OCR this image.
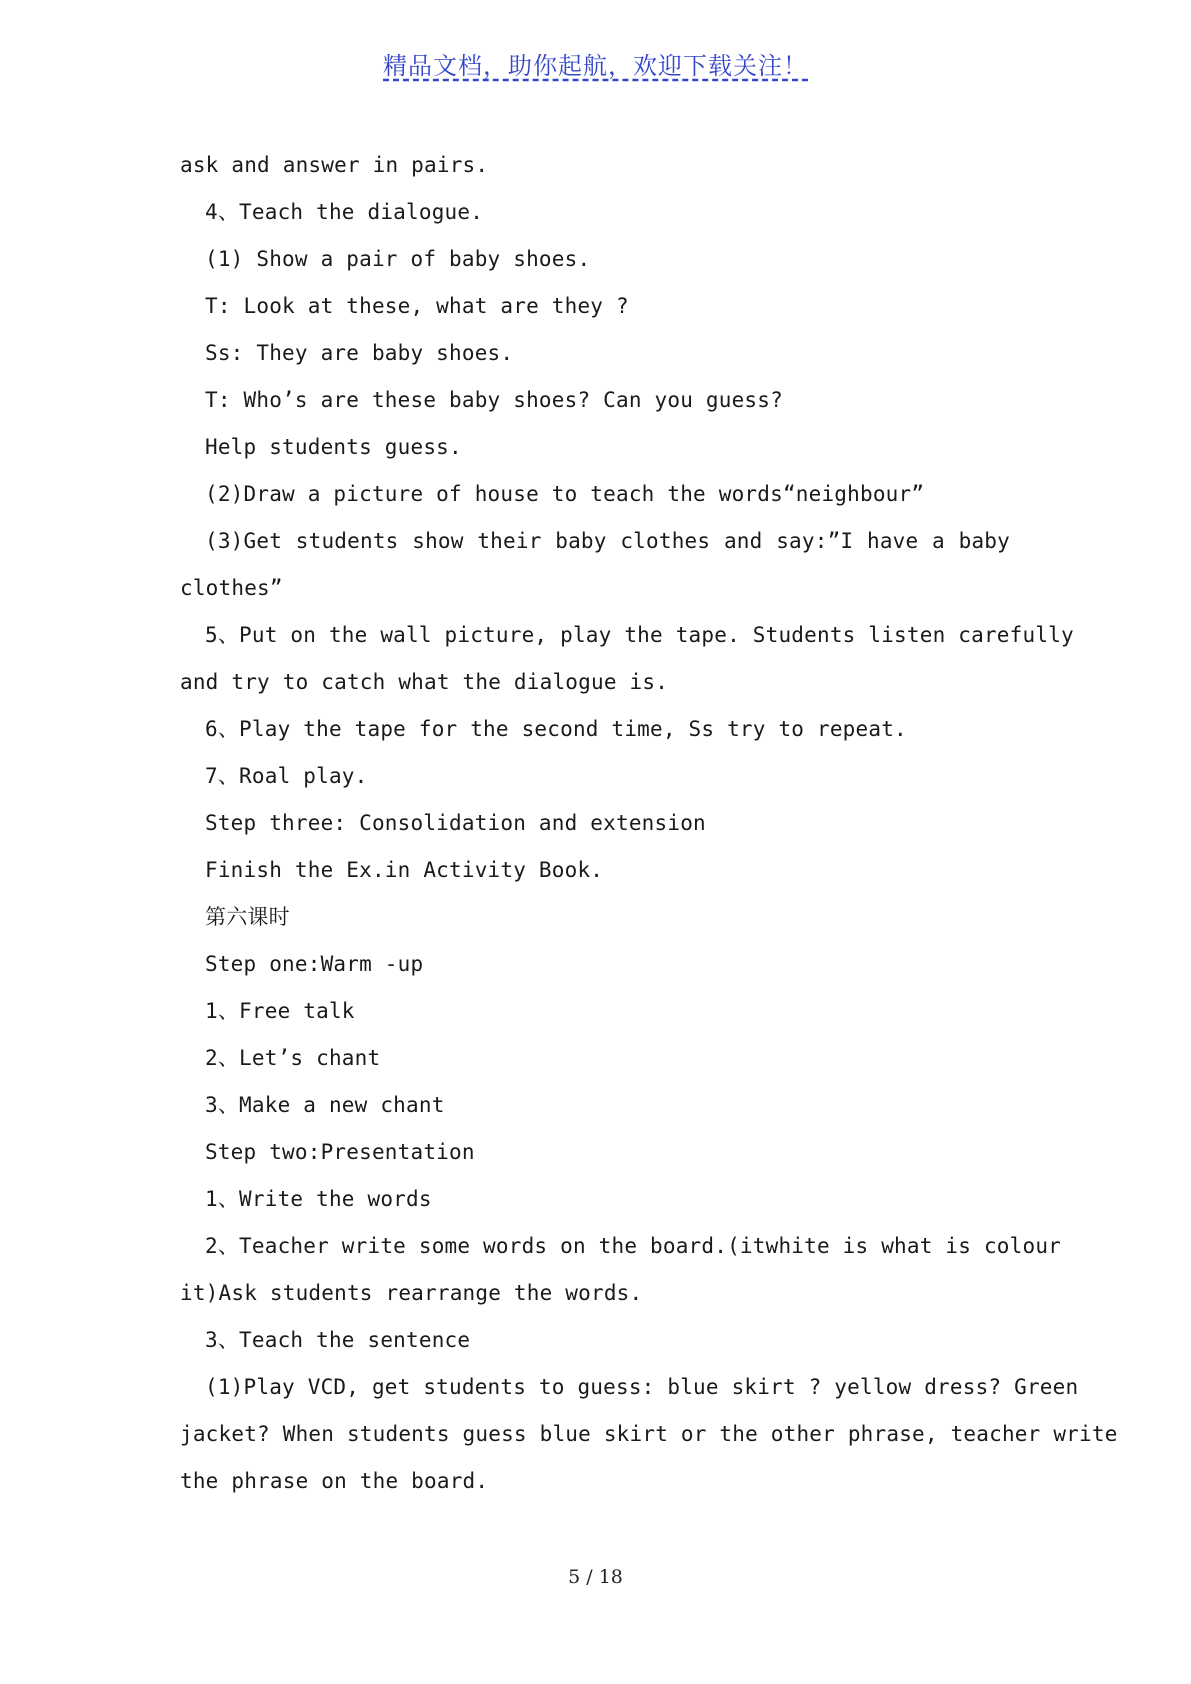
精品文档，助你起航，欢迎下载关注！
ask and answer in pairs.
4、Teach the dialogue.
(1) Show a pair of baby shoes.
T: Look at these, what are they ?
Ss: They are baby shoes.
T: Who’s are these baby shoes? Can you guess?
Help students guess.
(2)Draw a picture of house to teach the words“neighbour”
(3)Get students show their baby clothes and say:”I have a baby
clothes”
5、Put on the wall picture, play the tape. Students listen carefully
and try to catch what the dialogue is.
6、Play the tape for the second time, Ss try to repeat.
7、Roal play.
Step three: Consolidation and extension
Finish the Ex.in Activity Book.
第六课时
Step one:Warm -up
1、Free talk
2、Let’s chant
3、Make a new chant
Step two:Presentation
1、Write the words
2、Teacher write some words on the board.(itwhite is what is colour
it)Ask students rearrange the words.
3、Teach the sentence
(1)Play VCD, get students to guess: blue skirt ? yellow dress? Green
jacket? When students guess blue skirt or the other phrase, teacher write
the phrase on the board.
5 / 18
